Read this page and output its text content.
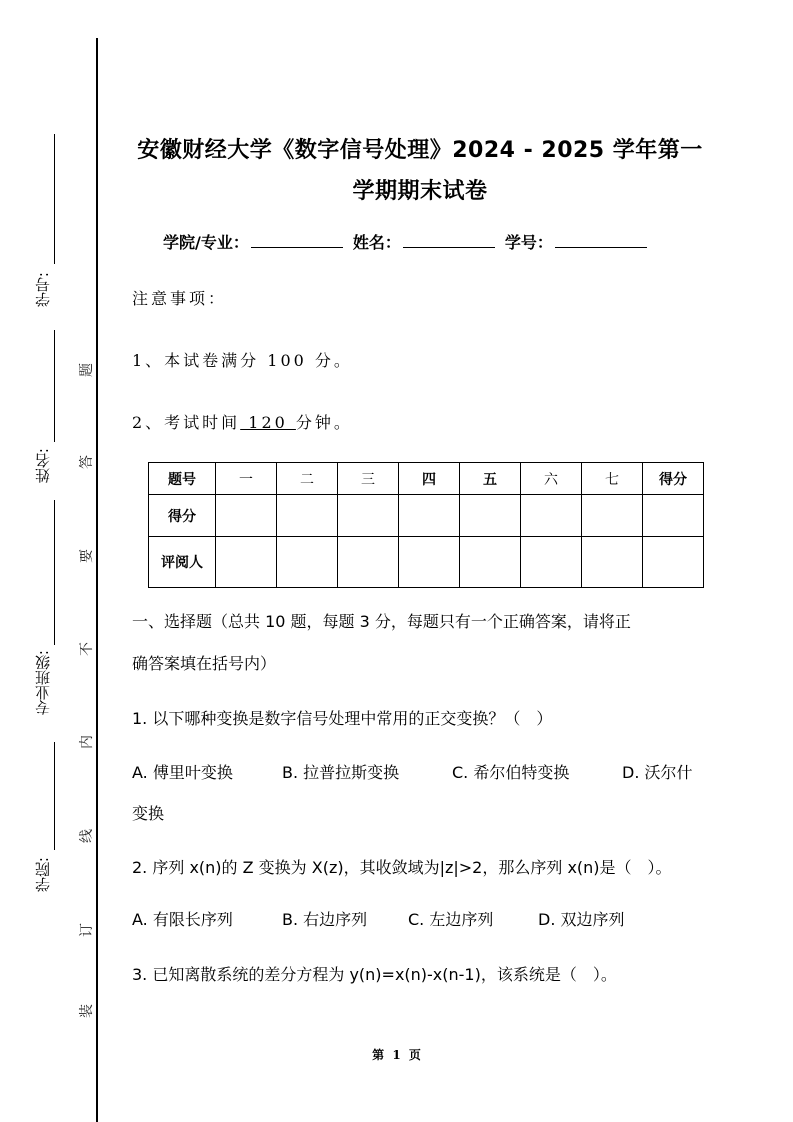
学号:
姓名:
专业班级:
学院:
题
答
要
不
内
线
订
装
安徽财经大学《数字信号处理》2024 - 2025 学年第一
学期期末试卷
学院/专业：	姓名：	学号：
注意事项：
1、本试卷满分 100 分。
2、考试时间 120 分钟。
题号	一	二	三	四	五	六	七	得分
得分								
评阅人								
一、选择题（总共 10 题，每题 3 分，每题只有一个正确答案，请将正
确答案填在括号内）
1. 以下哪种变换是数字信号处理中常用的正交变换？（　）
A. 傅里叶变换	B. 拉普拉斯变换	C. 希尔伯特变换	D. 沃尔什
变换
2. 序列 x(n)的 Z 变换为 X(z)，其收敛域为|z|>2，那么序列 x(n)是（　）。
A. 有限长序列	B. 右边序列	C. 左边序列	D. 双边序列
3. 已知离散系统的差分方程为 y(n)=x(n)-x(n-1)，该系统是（　）。
第 1 页
